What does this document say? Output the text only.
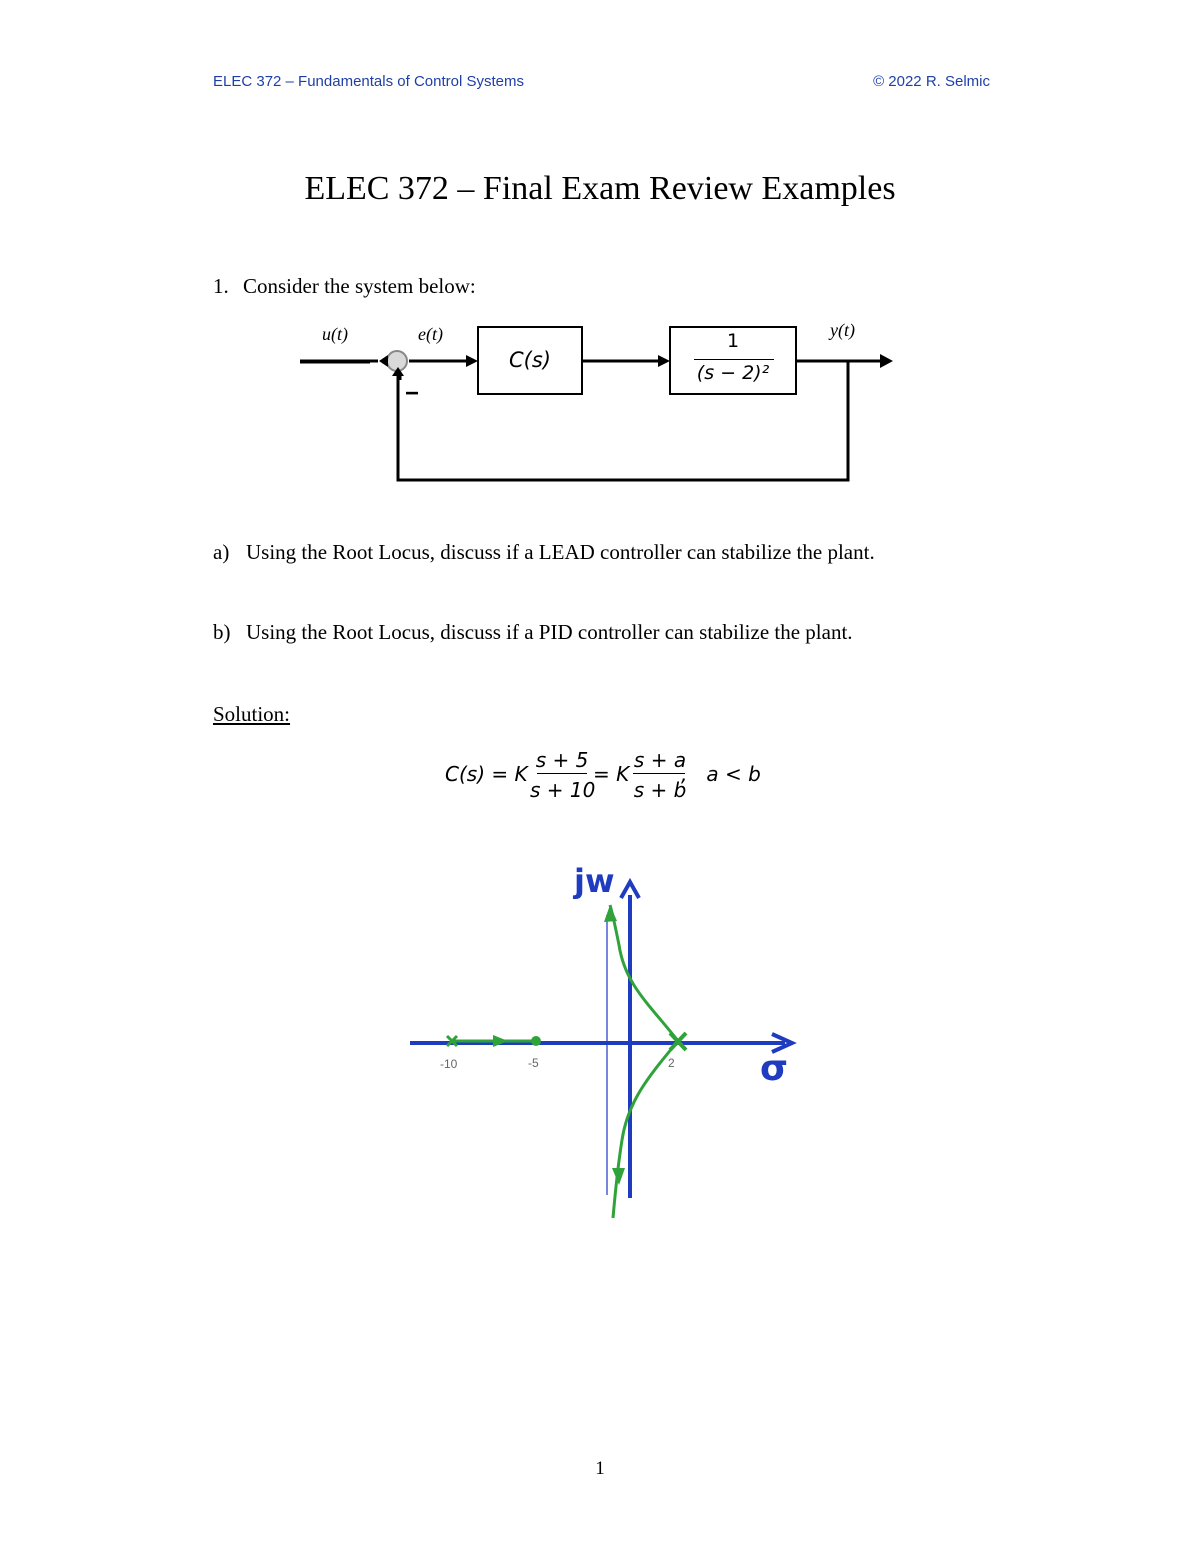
ELEC 372 – Fundamentals of Control Systems	© 2022 R. Selmic
ELEC 372 – Final Exam Review Examples
1. Consider the system below:
u(t)	e(t)	y(t)
C(s)
1
(s − 2)²
−
a) Using the Root Locus, discuss if a LEAD controller can stabilize the plant.
b) Using the Root Locus, discuss if a PID controller can stabilize the plant.
Solution:
C(s) = K
s + 5
s + 10
= K
s + a
s + b
,   a < b
-10	-5	2
jw
σ
1
